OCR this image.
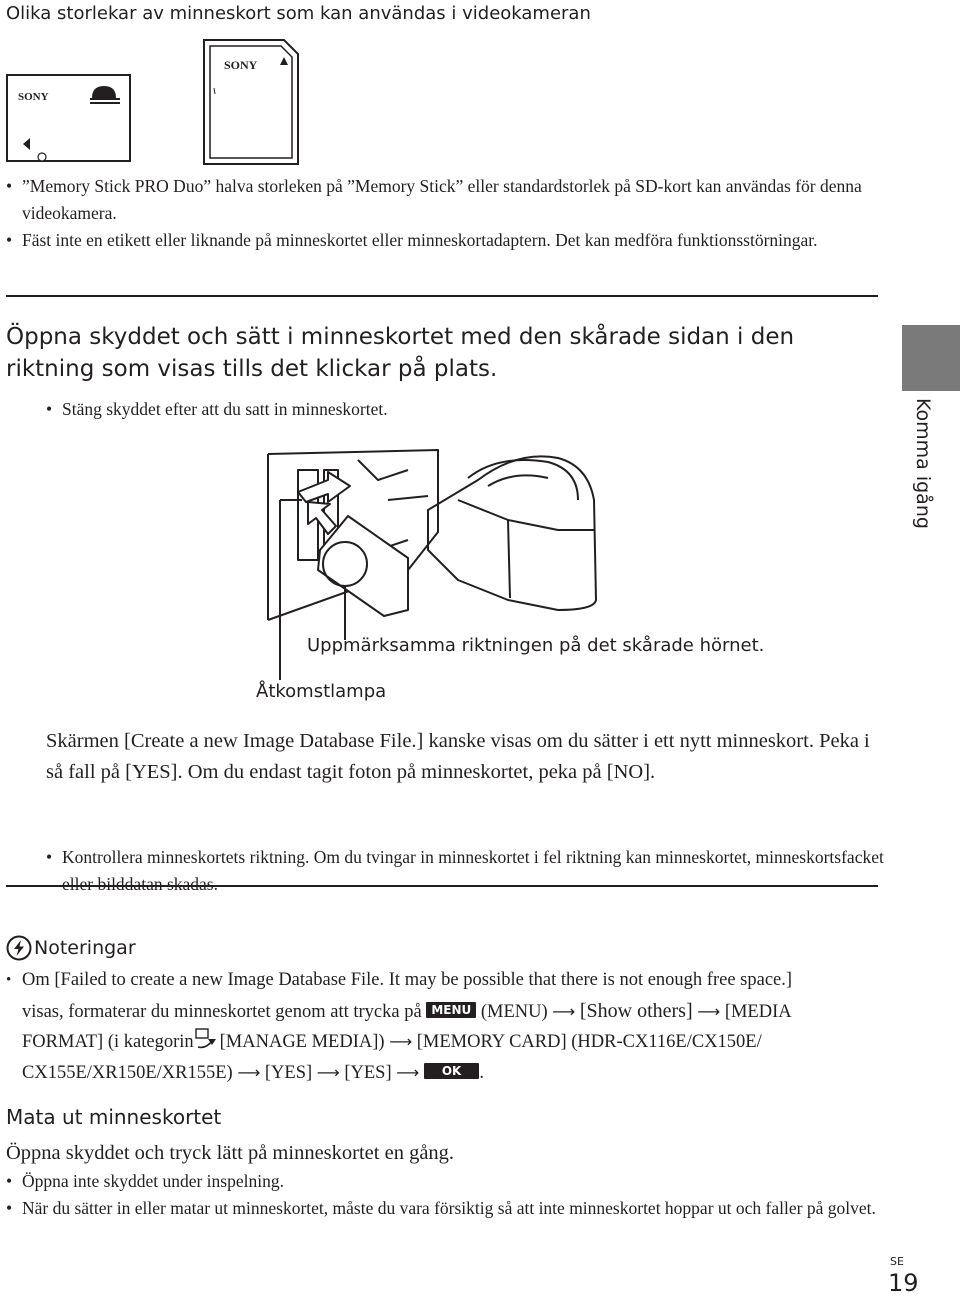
Olika storlekar av minneskort som kan användas i videokameran
SONY
SONY
• ”Memory Stick PRO Duo” halva storleken på ”Memory Stick” eller standardstorlek på SD-kort kan användas för denna videokamera.
• Fäst inte en etikett eller liknande på minneskortet eller minneskortadaptern. Det kan medföra funktionsstörningar.
Öppna skyddet och sätt i minneskortet med den skårade sidan i den riktning som visas tills det klickar på plats.
• Stäng skyddet efter att du satt in minneskortet.	Komma igång
Uppmärksamma riktningen på det skårade hörnet.
Åtkomstlampa
Skärmen [Create a new Image Database File.] kanske visas om du sätter i ett nytt minneskort. Peka i så fall på [YES]. Om du endast tagit foton på minneskortet, peka på [NO].
• Kontrollera minneskortets riktning. Om du tvingar in minneskortet i fel riktning kan minneskortet, minneskortsfacket eller bilddatan skadas.
Noteringar
• Om [Failed to create a new Image Database File. It may be possible that there is not enough free space.]
visas, formaterar du minneskortet genom att trycka på MENU (MENU) ⟶ [Show others] ⟶ [MEDIA
FORMAT] (i kategorin [MANAGE MEDIA]) ⟶ [MEMORY CARD] (HDR-CX116E/CX150E/
CX155E/XR150E/XR155E) ⟶ [YES] ⟶ [YES] ⟶ OK .
Mata ut minneskortet
Öppna skyddet och tryck lätt på minneskortet en gång.
• Öppna inte skyddet under inspelning.
• När du sätter in eller matar ut minneskortet, måste du vara försiktig så att inte minneskortet hoppar ut och faller på golvet.
SE
19
